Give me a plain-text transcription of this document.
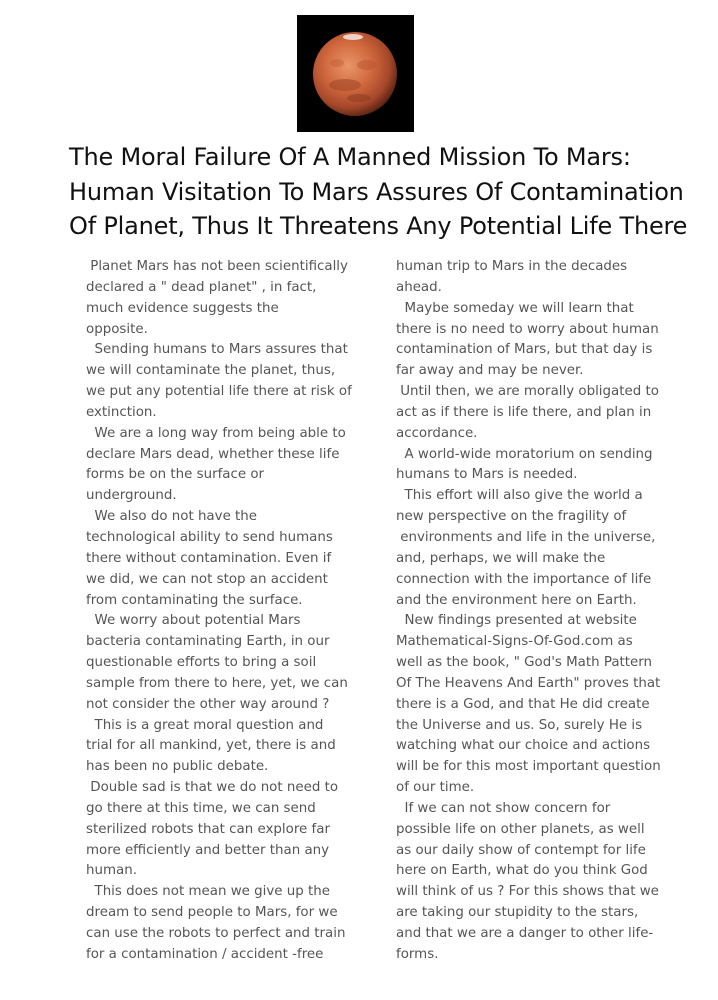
The Moral Failure Of A Manned Mission To Mars:
Human Visitation To Mars Assures Of Contamination
Of Planet, Thus It Threatens Any Potential Life There
Planet Mars has not been scientifically
declared a " dead planet" , in fact,
much evidence suggests the
opposite.
Sending humans to Mars assures that
we will contaminate the planet, thus,
we put any potential life there at risk of
extinction.
We are a long way from being able to
declare Mars dead, whether these life
forms be on the surface or
underground.
We also do not have the
technological ability to send humans
there without contamination. Even if
we did, we can not stop an accident
from contaminating the surface.
We worry about potential Mars
bacteria contaminating Earth, in our
questionable efforts to bring a soil
sample from there to here, yet, we can
not consider the other way around ?
This is a great moral question and
trial for all mankind, yet, there is and
has been no public debate.
Double sad is that we do not need to
go there at this time, we can send
sterilized robots that can explore far
more efficiently and better than any
human.
This does not mean we give up the
dream to send people to Mars, for we
can use the robots to perfect and train
for a contamination / accident -free
human trip to Mars in the decades
ahead.
Maybe someday we will learn that
there is no need to worry about human
contamination of Mars, but that day is
far away and may be never.
Until then, we are morally obligated to
act as if there is life there, and plan in
accordance.
A world-wide moratorium on sending
humans to Mars is needed.
This effort will also give the world a
new perspective on the fragility of
environments and life in the universe,
and, perhaps, we will make the
connection with the importance of life
and the environment here on Earth.
New findings presented at website
Mathematical-Signs-Of-God.com as
well as the book, " God's Math Pattern
Of The Heavens And Earth" proves that
there is a God, and that He did create
the Universe and us. So, surely He is
watching what our choice and actions
will be for this most important question
of our time.
If we can not show concern for
possible life on other planets, as well
as our daily show of contempt for life
here on Earth, what do you think God
will think of us ? For this shows that we
are taking our stupidity to the stars,
and that we are a danger to other life-
forms.
